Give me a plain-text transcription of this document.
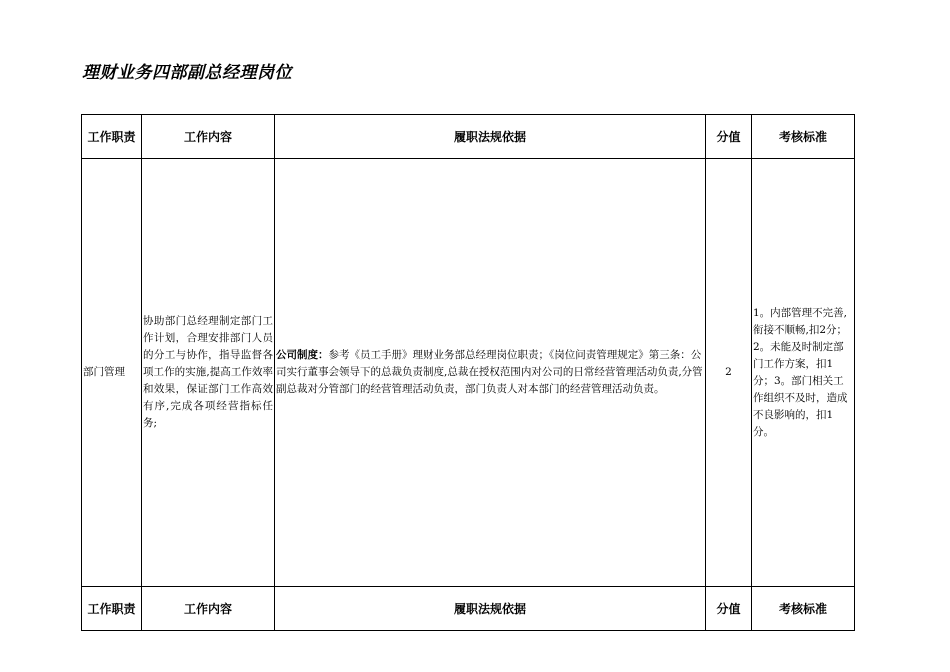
理财业务四部副总经理岗位
工作职责	工作内容	履职法规依据	分值	考核标准
部门管理	协助部门总经理制定部门工作计划，合理安排部门人员的分工与协作，指导监督各项工作的实施,提高工作效率和效果，保证部门工作高效有序,完成各项经营指标任务;	公司制度：参考《员工手册》理财业务部总经理岗位职责；《岗位问责管理规定》第三条：公司实行董事会领导下的总裁负责制度,总裁在授权范围内对公司的日常经营管理活动负责,分管副总裁对分管部门的经营管理活动负责，部门负责人对本部门的经营管理活动负责。	2	1。内部管理不完善,衔接不顺畅,扣2分；2。未能及时制定部门工作方案，扣1分；3。部门相关工作组织不及时，造成不良影响的，扣1分。
工作职责	工作内容	履职法规依据	分值	考核标准
